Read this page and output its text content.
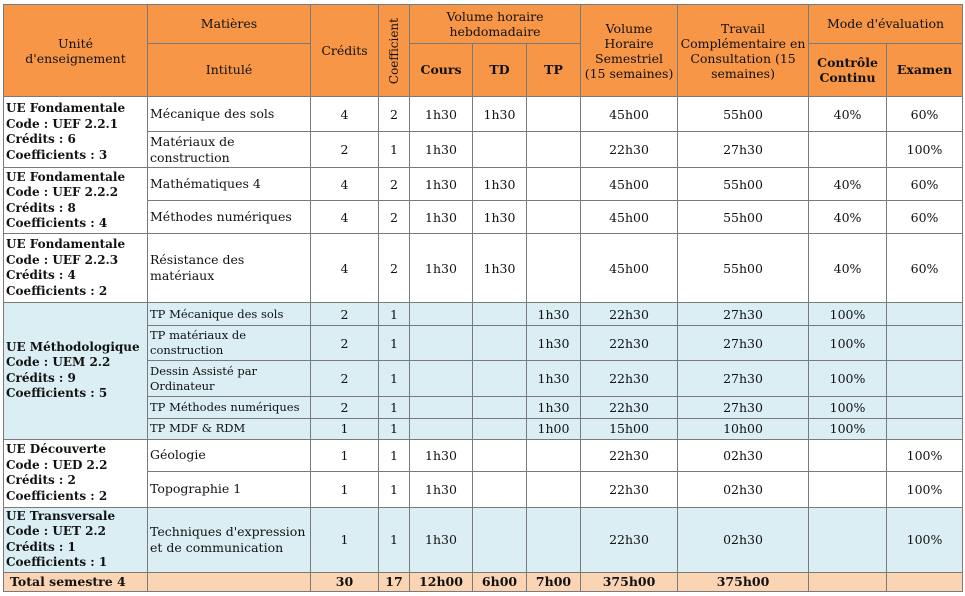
Unité d'enseignement	Matières	Crédits	Coefficient	Volume horaire hebdomadaire			Volume Horaire Semestriel (15 semaines)	Travail Complémentaire en Consultation (15 semaines)	Mode d'évaluation	
	Intitulé			Cours	TD	TP			Contrôle Continu	Examen

UE Fondamentale
Code : UEF 2.2.1
Crédits : 6
Coefficients : 3	Mécanique des sols	4	2	1h30	1h30		45h00	55h00	40%	60%
	Matériaux de construction	2	1	1h30			22h30	27h30		100%

UE Fondamentale
Code : UEF 2.2.2
Crédits : 8
Coefficients : 4	Mathématiques 4	4	2	1h30	1h30		45h00	55h00	40%	60%
	Méthodes numériques	4	2	1h30	1h30		45h00	55h00	40%	60%

UE Fondamentale
Code : UEF 2.2.3
Crédits : 4
Coefficients : 2	Résistance des matériaux	4	2	1h30	1h30		45h00	55h00	40%	60%

UE Méthodologique
Code : UEM 2.2
Crédits : 9
Coefficients : 5	TP Mécanique des sols	2	1			1h30	22h30	27h30	100%	
	TP matériaux de construction	2	1			1h30	22h30	27h30	100%	
	Dessin Assisté par Ordinateur	2	1			1h30	22h30	27h30	100%	
	TP Méthodes numériques	2	1			1h30	22h30	27h30	100%	
	TP MDF & RDM	1	1			1h00	15h00	10h00	100%	

UE Découverte
Code : UED 2.2
Crédits : 2
Coefficients : 2	Géologie	1	1	1h30			22h30	02h30		100%
	Topographie 1	1	1	1h30			22h30	02h30		100%

UE Transversale
Code : UET 2.2
Crédits : 1
Coefficients : 1	Techniques d'expression et de communication	1	1	1h30			22h30	02h30		100%
Total semestre 4		30	17	12h00	6h00	7h00	375h00	375h00		
